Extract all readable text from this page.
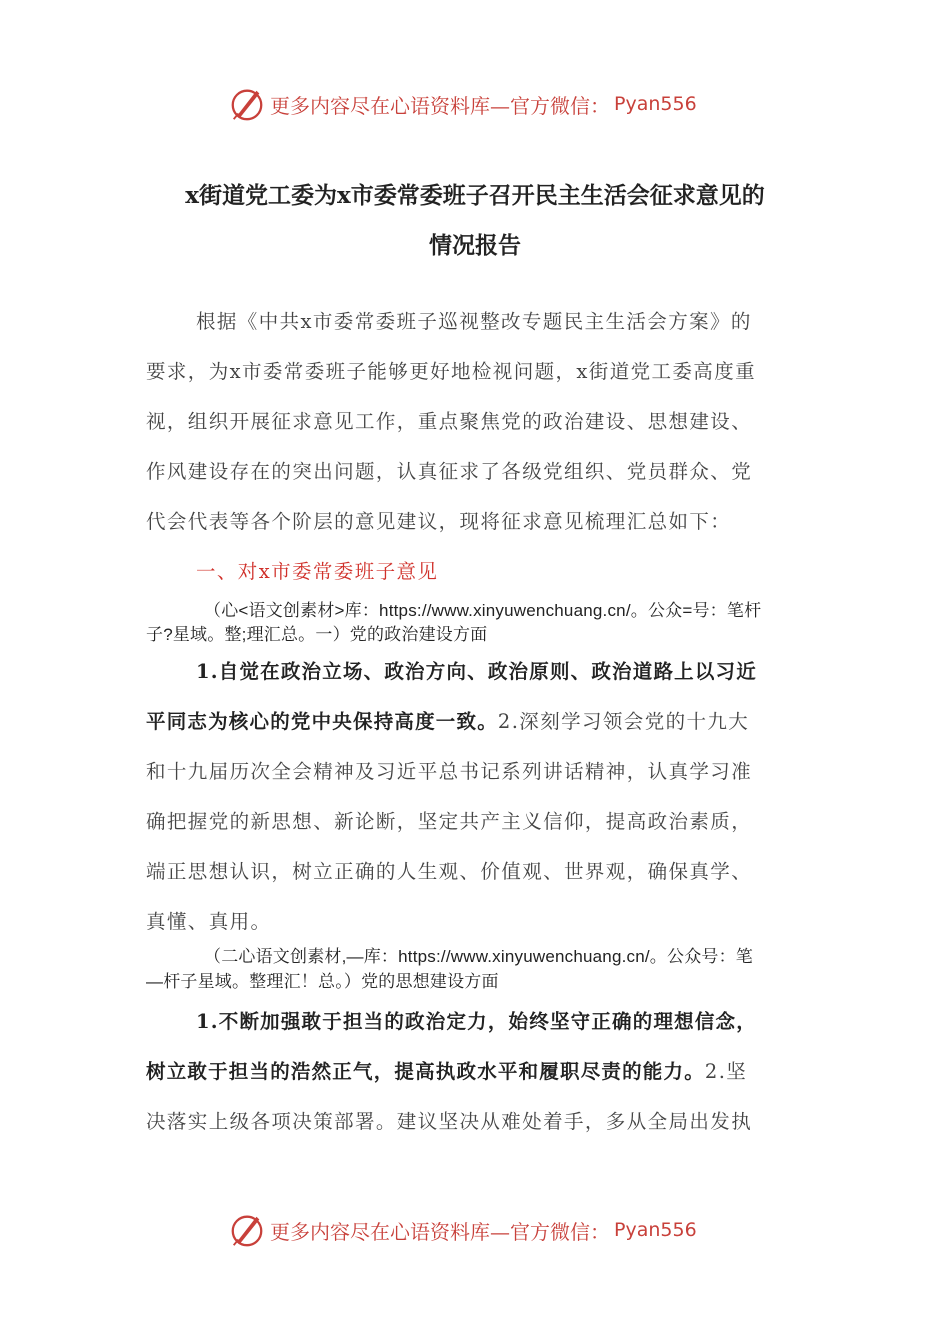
更多内容尽在心语资料库—官方微信： Pyan556
x街道党工委为x市委常委班子召开民主生活会征求意见的
情况报告
根据《中共x市委常委班子巡视整改专题民主生活会方案》的
要求，为x市委常委班子能够更好地检视问题，x街道党工委高度重
视，组织开展征求意见工作，重点聚焦党的政治建设、思想建设、
作风建设存在的突出问题，认真征求了各级党组织、党员群众、党
代会代表等各个阶层的意见建议，现将征求意见梳理汇总如下：
一、对x市委常委班子意见
（心<语文创素材>库：https://www.xinyuwenchuang.cn/。公众=号：笔杆
子?星域。整;理汇总。一）党的政治建设方面
1.自觉在政治立场、政治方向、政治原则、政治道路上以习近
平同志为核心的党中央保持高度一致。2.深刻学习领会党的十九大
和十九届历次全会精神及习近平总书记系列讲话精神，认真学习准
确把握党的新思想、新论断，坚定共产主义信仰，提高政治素质，
端正思想认识，树立正确的人生观、价值观、世界观，确保真学、
真懂、真用。
（二心语文创素材,—库：https://www.xinyuwenchuang.cn/。公众号：笔
—杆子星域。整理汇！总。）党的思想建设方面
1.不断加强敢于担当的政治定力，始终坚守正确的理想信念，
树立敢于担当的浩然正气，提高执政水平和履职尽责的能力。2.坚
决落实上级各项决策部署。建议坚决从难处着手，多从全局出发执
更多内容尽在心语资料库—官方微信： Pyan556
